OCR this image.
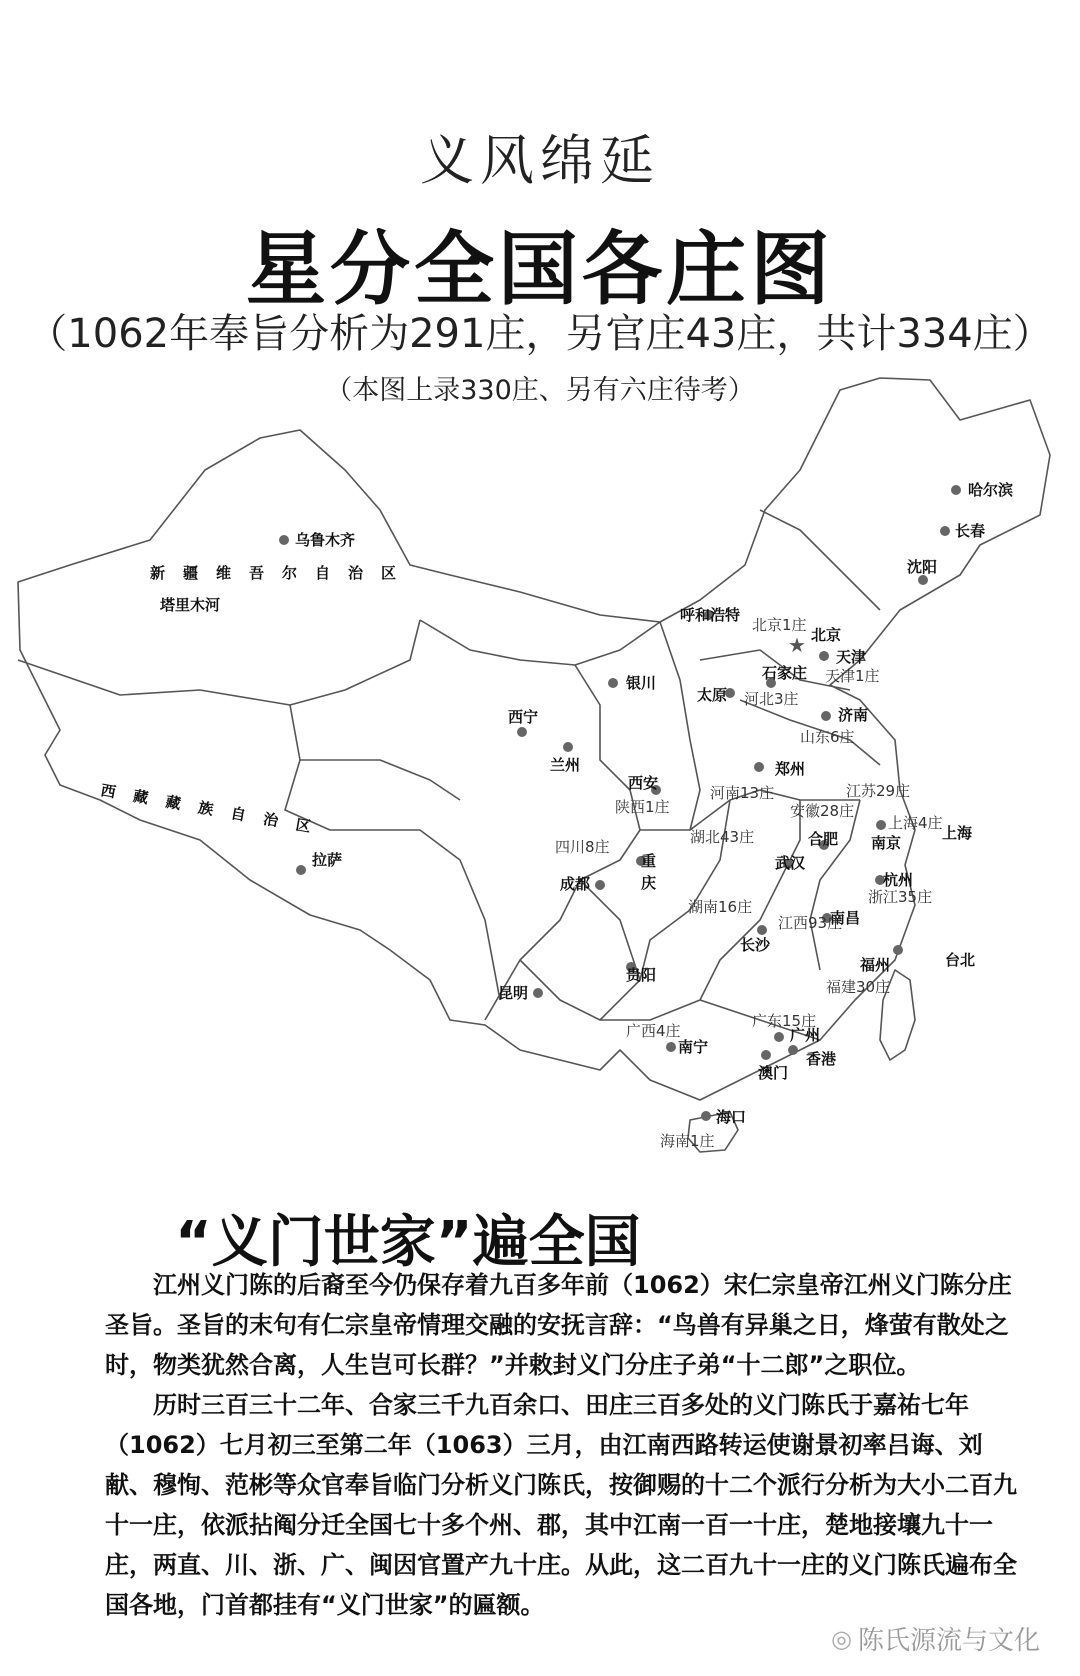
义风绵延
星分全国各庄图
（1062年奉旨分析为291庄，另官庄43庄，共计334庄）
（本图上录330庄、另有六庄待考）
新疆维吾尔自治区
西藏藏族自治区
★
乌鲁木齐
塔里木河
拉萨
西宁
兰州
银川
呼和浩特
北京
天津
石家庄
太原
济南
郑州
西安
成都
重
庆
武汉
合肥 南京
上海
杭州
南昌
长沙
福州	台北
贵阳
昆明
南宁
广州
香港
澳门
海口
哈尔滨
长春
沈阳
北京1庄
天津1庄
河北3庄
山东6庄
河南13庄	江苏29庄
安徽28庄
上海4庄
陕西1庄
四川8庄
湖北43庄
浙江35庄
湖南16庄
江西93庄
福建30庄
广西4庄
广东15庄
海南1庄
“义门世家”遍全国

江州义门陈的后裔至今仍保存着九百多年前（1062）宋仁宗皇帝江州义门陈分庄圣旨。圣旨的末句有仁宗皇帝情理交融的安抚言辞：“鸟兽有异巢之日，烽萤有散处之时，物类犹然合离，人生岂可长群？”并敕封义门分庄子弟“十二郎”之职位。

历时三百三十二年、合家三千九百余口、田庄三百多处的义门陈氏于嘉祐七年（1062）七月初三至第二年（1063）三月，由江南西路转运使谢景初率吕诲、刘献、穆恂、范彬等众官奉旨临门分析义门陈氏，按御赐的十二个派行分析为大小二百九十一庄，依派拈阄分迁全国七十多个州、郡，其中江南一百一十庄，楚地接壤九十一庄，两直、川、浙、广、闽因官置产九十庄。从此，这二百九十一庄的义门陈氏遍布全国各地，门首都挂有“义门世家”的匾额。

◎ 陈氏源流与文化
